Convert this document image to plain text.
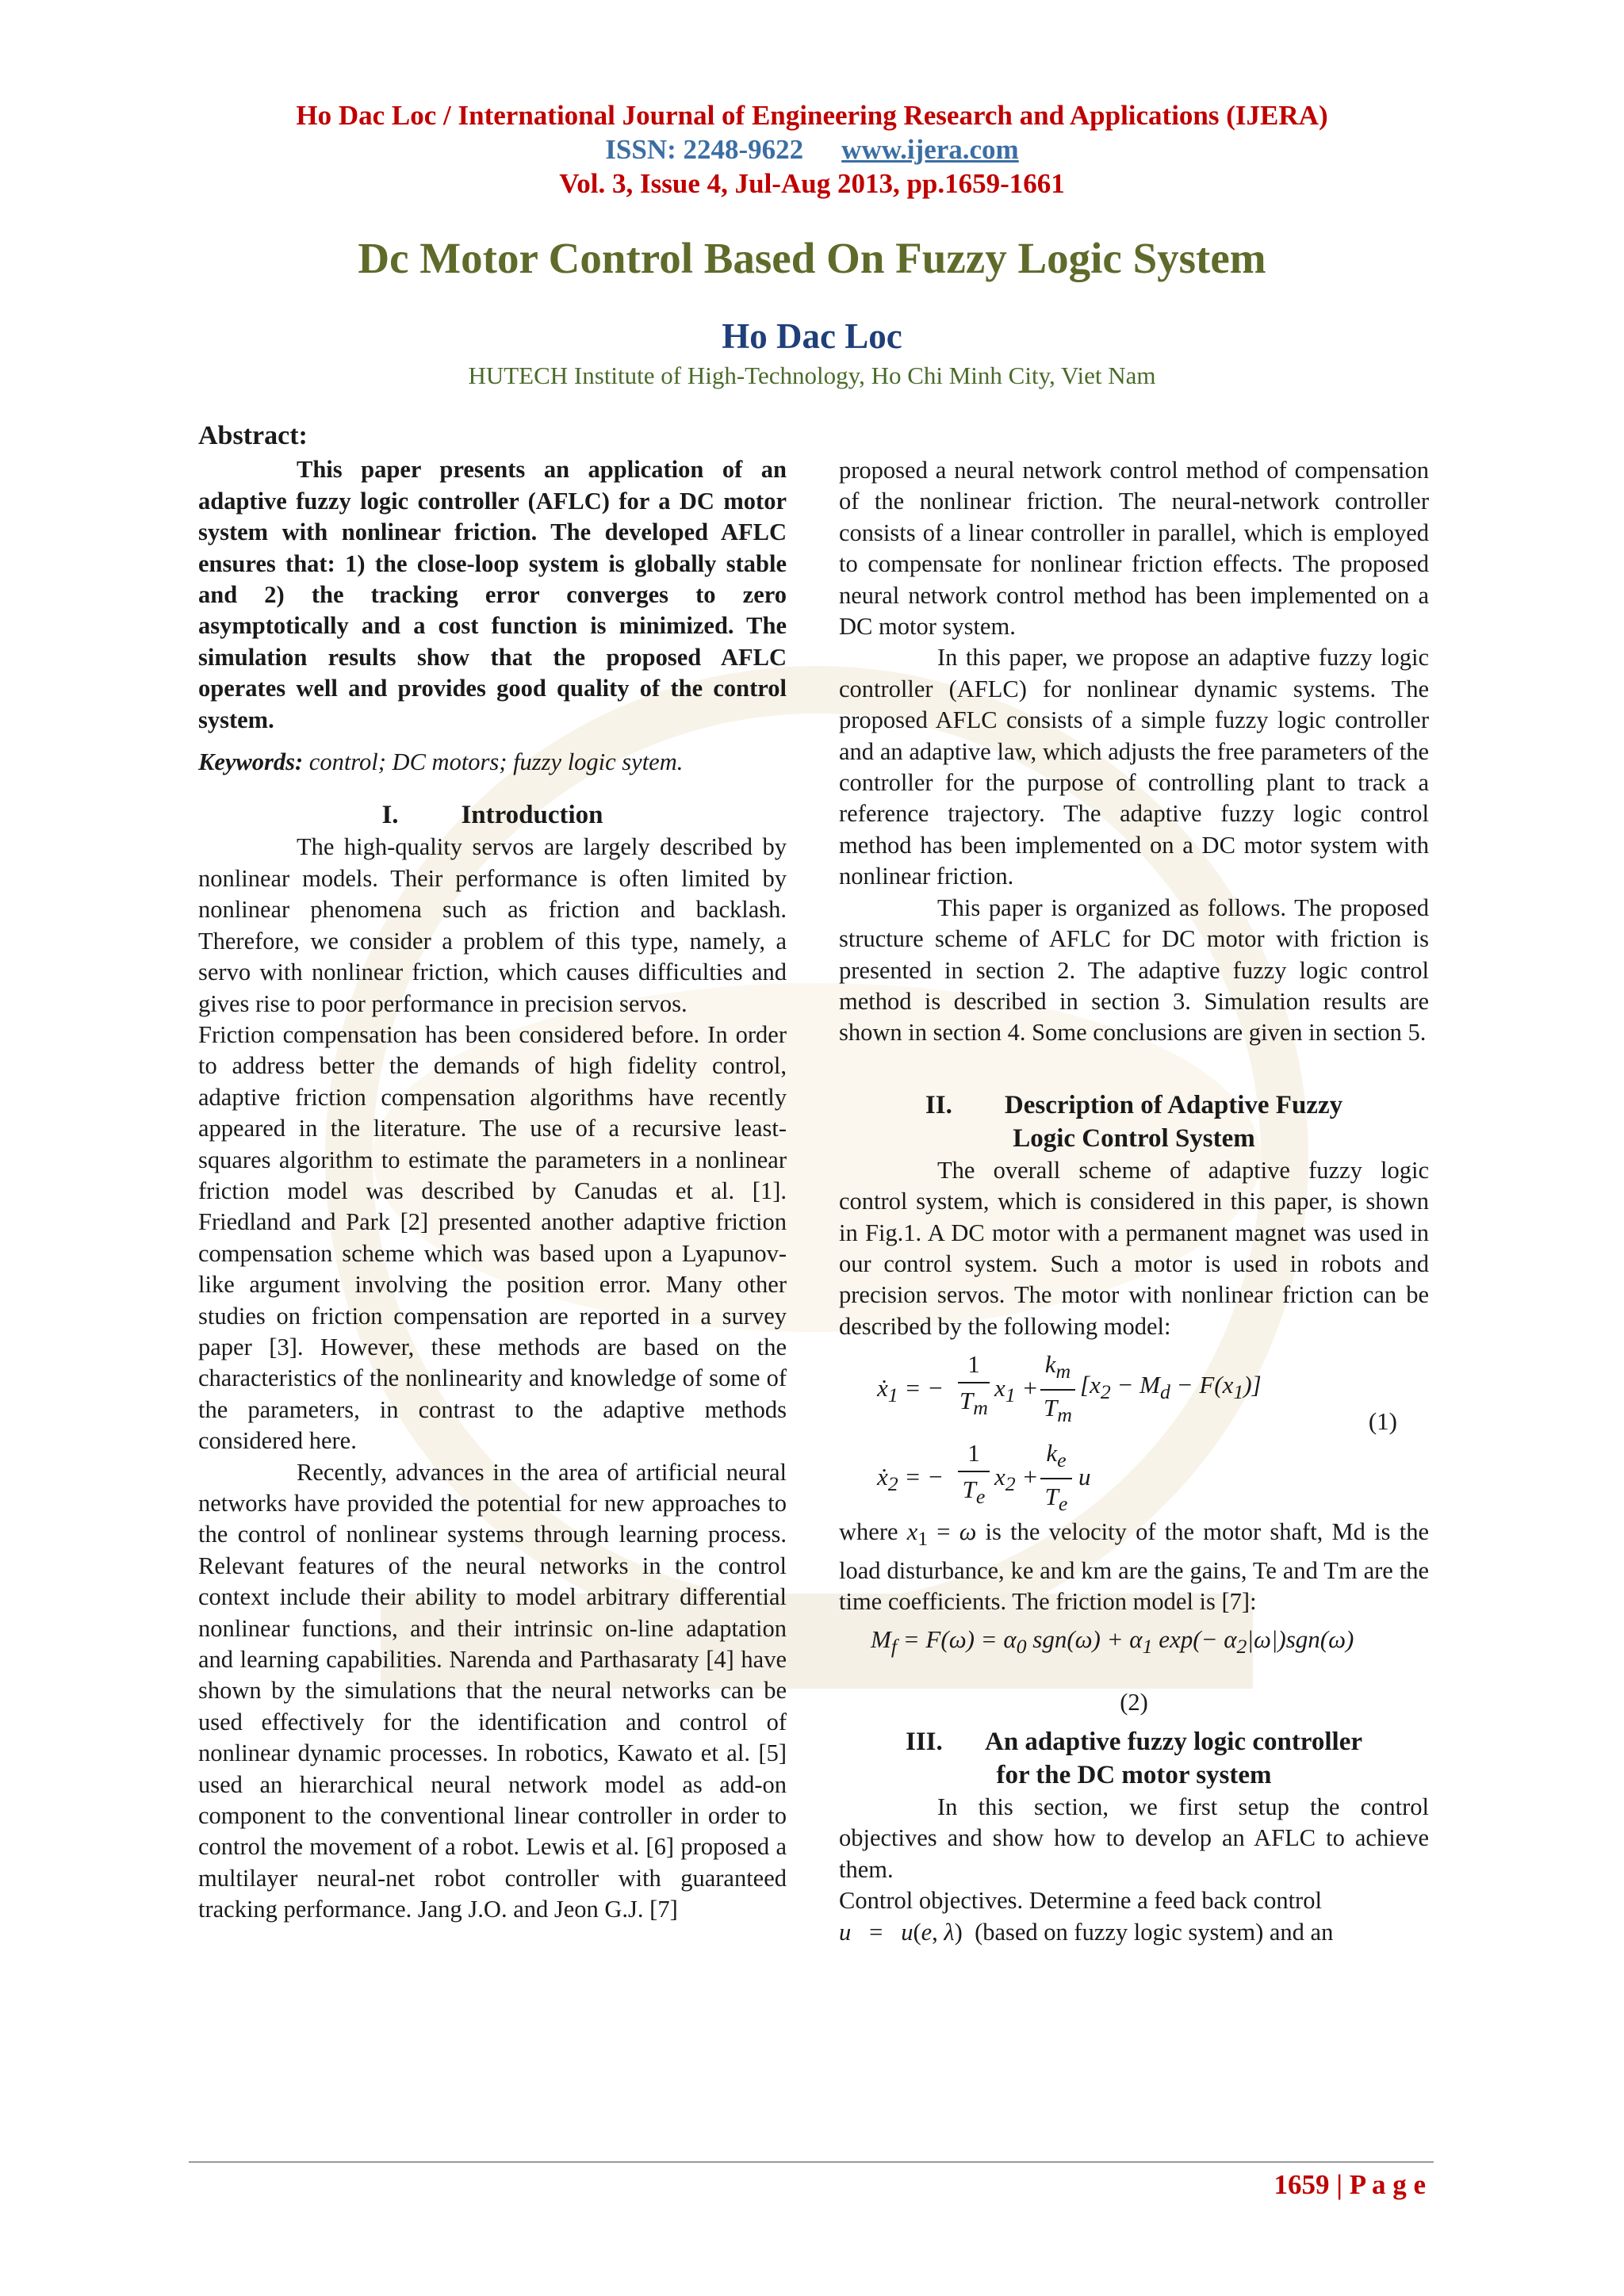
Ho Dac Loc / International Journal of Engineering Research and Applications (IJERA)
ISSN: 2248-9622 www.ijera.com
Vol. 3, Issue 4, Jul-Aug 2013, pp.1659-1661
Dc Motor Control Based On Fuzzy Logic System
Ho Dac Loc
HUTECH Institute of High-Technology, Ho Chi Minh City, Viet Nam
Abstract:

This paper presents an application of an adaptive fuzzy logic controller (AFLC) for a DC motor system with nonlinear friction. The developed AFLC ensures that: 1) the close-loop system is globally stable and 2) the tracking error converges to zero asymptotically and a cost function is minimized. The simulation results show that the proposed AFLC operates well and provides good quality of the control system.

Keywords: control; DC motors; fuzzy logic sytem.

I. Introduction

The high-quality servos are largely described by nonlinear models. Their performance is often limited by nonlinear phenomena such as friction and backlash. Therefore, we consider a problem of this type, namely, a servo with nonlinear friction, which causes difficulties and gives rise to poor performance in precision servos.

Friction compensation has been considered before. In order to address better the demands of high fidelity control, adaptive friction compensation algorithms have recently appeared in the literature. The use of a recursive least-squares algorithm to estimate the parameters in a nonlinear friction model was described by Canudas et al. [1]. Friedland and Park [2] presented another adaptive friction compensation scheme which was based upon a Lyapunov-like argument involving the position error. Many other studies on friction compensation are reported in a survey paper [3]. However, these methods are based on the characteristics of the nonlinearity and knowledge of some of the parameters, in contrast to the adaptive methods considered here.

Recently, advances in the area of artificial neural networks have provided the potential for new approaches to the control of nonlinear systems through learning process. Relevant features of the neural networks in the control context include their ability to model arbitrary differential nonlinear functions, and their intrinsic on-line adaptation and learning capabilities. Narenda and Parthasaraty [4] have shown by the simulations that the neural networks can be used effectively for the identification and control of nonlinear dynamic processes. In robotics, Kawato et al. [5] used an hierarchical neural network model as add-on component to the conventional linear controller in order to control the movement of a robot. Lewis et al. [6] proposed a multilayer neural-net robot controller with guaranteed tracking performance. Jang J.O. and Jeon G.J. [7]

proposed a neural network control method of compensation of the nonlinear friction. The neural-network controller consists of a linear controller in parallel, which is employed to compensate for nonlinear friction effects. The proposed neural network control method has been implemented on a DC motor system.

In this paper, we propose an adaptive fuzzy logic controller (AFLC) for nonlinear dynamic systems. The proposed AFLC consists of a simple fuzzy logic controller and an adaptive law, which adjusts the free parameters of the controller for the purpose of controlling plant to track a reference trajectory. The adaptive fuzzy logic control method has been implemented on a DC motor system with nonlinear friction.

This paper is organized as follows. The proposed structure scheme of AFLC for DC motor with friction is presented in section 2. The adaptive fuzzy logic control method is described in section 3. Simulation results are shown in section 4. Some conclusions are given in section 5.

II. Description of Adaptive Fuzzy
Logic Control System

The overall scheme of adaptive fuzzy logic control system, which is considered in this paper, is shown in Fig.1. A DC motor with a permanent magnet was used in our control system. Such a motor is used in robots and precision servos. The motor with nonlinear friction can be described by the following model:

ẋ$_1$ = −
1
$T_m$
$x_1$ +
$k_m$
$T_m$
$[x_2 - M_d - F(x_1)]$
(1)
ẋ$_2$ = −
1
$T_e$
$x_2$ +
$k_e$
$T_e$
u

where $x_1 = \omega$ is the velocity of the motor shaft, Md is the load disturbance, ke and km are the gains, Te and Tm are the time coefficients. The friction model is [7]:

$M_f = F(\omega) = \alpha_0$ $sgn(\omega) + \alpha_1$ $\exp(- \alpha_2|\omega|)sgn(\omega)$
(2)
III. An adaptive fuzzy logic controller
for the DC motor system

In this section, we first setup the control objectives and show how to develop an AFLC to achieve them.

Control objectives. Determine a feed back control

u   =   u(e, λ)  (based on fuzzy logic system) and an

1659 | P a g e
